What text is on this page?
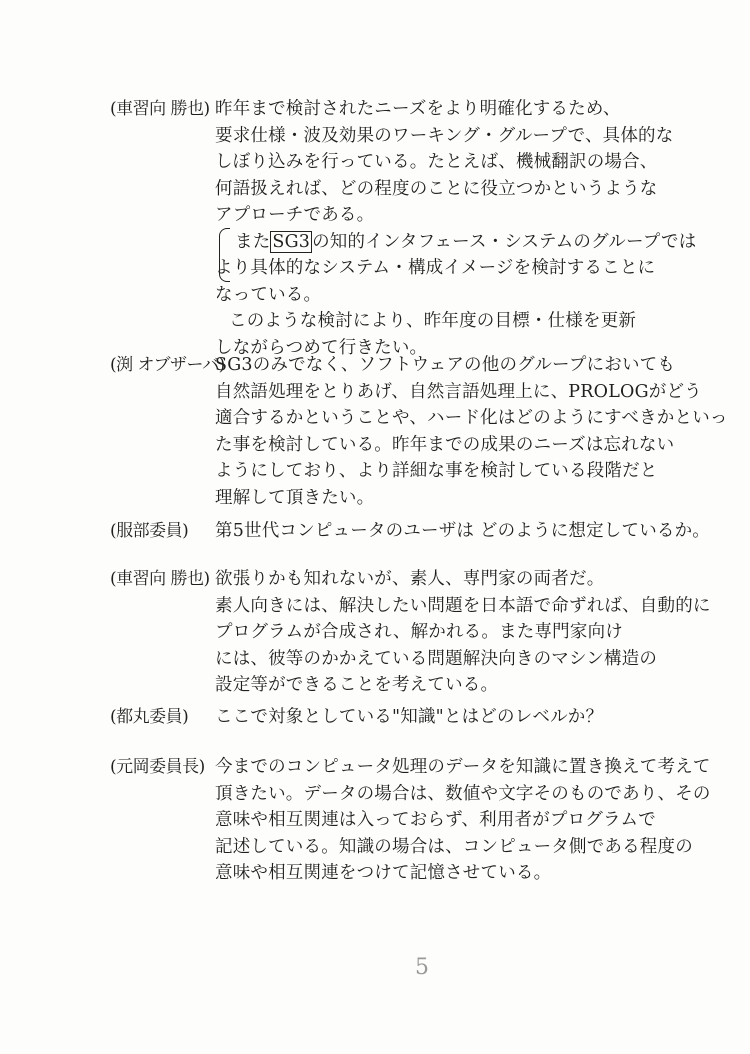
(車習向 勝也) 昨年まで検討されたニーズをより明確化するため、
要求仕様・波及効果のワーキング・グループで、具体的な
しぼり込みを行っている。たとえば、機械翻訳の場合、
何語扱えれば、どの程度のことに役立つかというような
アプローチである。
また SG3 の知的インタフェース・システムのグループでは
より具体的なシステム・構成イメージを検討することに
なっている。
このような検討により、昨年度の目標・仕様を更新
しながらつめて行きたい。
(渕 オブザーバ)
SG3のみでなく、ソフトウェアの他のグループにおいても
自然語処理をとりあげ、自然言語処理上に、PROLOGがどう
適合するかということや、ハード化はどのようにすべきかといっ
た事を検討している。昨年までの成果のニーズは忘れない
ようにしており、より詳細な事を検討している段階だと
理解して頂きたい。
(服部委員)	第5世代コンピュータのユーザは どのように想定しているか。
(車習向 勝也) 欲張りかも知れないが、素人、専門家の両者だ。
素人向きには、解決したい問題を日本語で命ずれば、自動的に
プログラムが合成され、解かれる。また専門家向け
には、彼等のかかえている問題解決向きのマシン構造の
設定等ができることを考えている。
(都丸委員)	ここで対象としている"知識"とはどのレベルか？
(元岡委員長) 今までのコンピュータ処理のデータを知識に置き換えて考えて
頂きたい。データの場合は、数値や文字そのものであり、その
意味や相互関連は入っておらず、利用者がプログラムで
記述している。知識の場合は、コンピュータ側である程度の
意味や相互関連をつけて記憶させている。
5
